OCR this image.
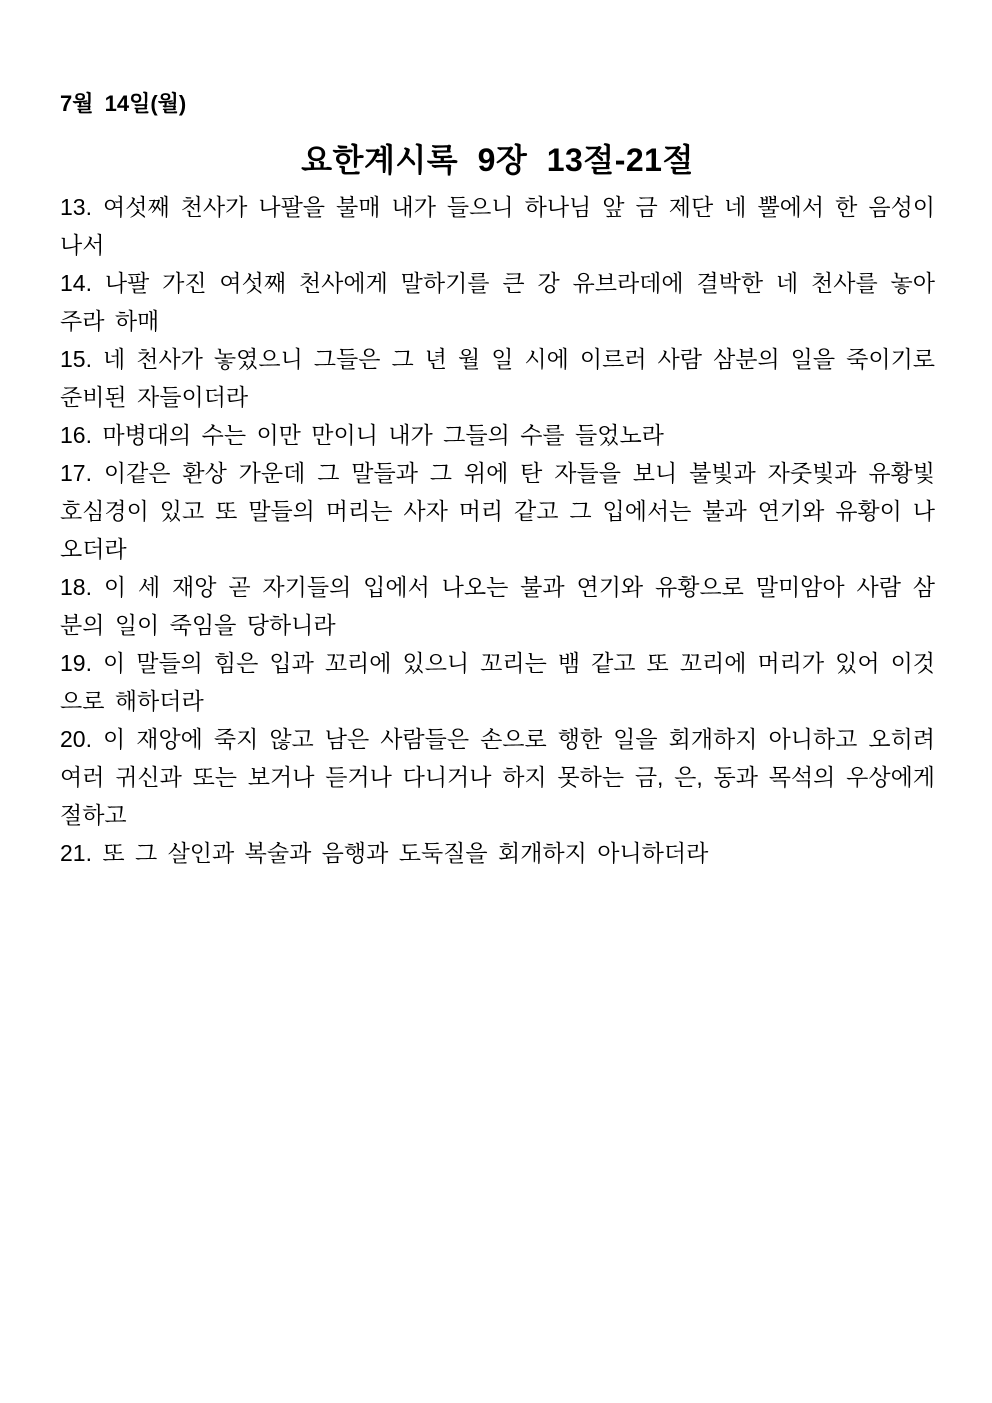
7월 14일(월)
요한계시록 9장 13절-21절

13. 여섯째 천사가 나팔을 불매 내가 들으니 하나님 앞 금 제단 네 뿔에서 한 음성이 나서

14. 나팔 가진 여섯째 천사에게 말하기를 큰 강 유브라데에 결박한 네 천사를 놓아 주라 하매

15. 네 천사가 놓였으니 그들은 그 년 월 일 시에 이르러 사람 삼분의 일을 죽이기로 준비된 자들이더라

16. 마병대의 수는 이만 만이니 내가 그들의 수를 들었노라

17. 이같은 환상 가운데 그 말들과 그 위에 탄 자들을 보니 불빛과 자줏빛과 유황빛 호심경이 있고 또 말들의 머리는 사자 머리 같고 그 입에서는 불과 연기와 유황이 나오더라

18. 이 세 재앙 곧 자기들의 입에서 나오는 불과 연기와 유황으로 말미암아 사람 삼분의 일이 죽임을 당하니라

19. 이 말들의 힘은 입과 꼬리에 있으니 꼬리는 뱀 같고 또 꼬리에 머리가 있어 이것으로 해하더라

20. 이 재앙에 죽지 않고 남은 사람들은 손으로 행한 일을 회개하지 아니하고 오히려 여러 귀신과 또는 보거나 듣거나 다니거나 하지 못하는 금, 은, 동과 목석의 우상에게 절하고

21. 또 그 살인과 복술과 음행과 도둑질을 회개하지 아니하더라
